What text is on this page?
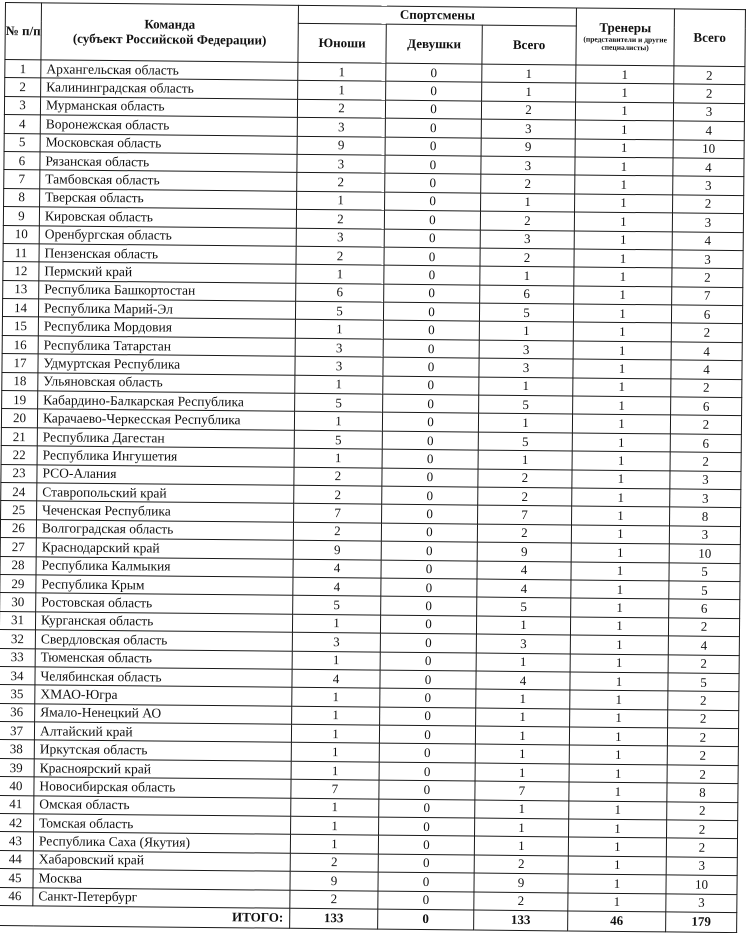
№ п/п	Команда
(субъект Российской Федерации)	Спортсмены			Тренеры
(представители и другие специалисты)	Всего
		Юноши	Девушки	Всего		
1	Архангельская область	1	0	1	1	2
2	Калининградская область	1	0	1	1	2
3	Мурманская область	2	0	2	1	3
4	Воронежская область	3	0	3	1	4
5	Московская область	9	0	9	1	10
6	Рязанская область	3	0	3	1	4
7	Тамбовская область	2	0	2	1	3
8	Тверская область	1	0	1	1	2
9	Кировская область	2	0	2	1	3
10	Оренбургская область	3	0	3	1	4
11	Пензенская область	2	0	2	1	3
12	Пермский край	1	0	1	1	2
13	Республика Башкортостан	6	0	6	1	7
14	Республика Марий-Эл	5	0	5	1	6
15	Республика Мордовия	1	0	1	1	2
16	Республика Татарстан	3	0	3	1	4
17	Удмуртская Республика	3	0	3	1	4
18	Ульяновская область	1	0	1	1	2
19	Кабардино-Балкарская Республика	5	0	5	1	6
20	Карачаево-Черкесская Республика	1	0	1	1	2
21	Республика Дагестан	5	0	5	1	6
22	Республика Ингушетия	1	0	1	1	2
23	РСО-Алания	2	0	2	1	3
24	Ставропольский край	2	0	2	1	3
25	Чеченская Республика	7	0	7	1	8
26	Волгоградская область	2	0	2	1	3
27	Краснодарский край	9	0	9	1	10
28	Республика Калмыкия	4	0	4	1	5
29	Республика Крым	4	0	4	1	5
30	Ростовская область	5	0	5	1	6
31	Курганская область	1	0	1	1	2
32	Свердловская область	3	0	3	1	4
33	Тюменская область	1	0	1	1	2
34	Челябинская область	4	0	4	1	5
35	ХМАО-Югра	1	0	1	1	2
36	Ямало-Ненецкий АО	1	0	1	1	2
37	Алтайский край	1	0	1	1	2
38	Иркутская область	1	0	1	1	2
39	Красноярский край	1	0	1	1	2
40	Новосибирская область	7	0	7	1	8
41	Омская область	1	0	1	1	2
42	Томская область	1	0	1	1	2
43	Республика Саха (Якутия)	1	0	1	1	2
44	Хабаровский край	2	0	2	1	3
45	Москва	9	0	9	1	10
46	Санкт-Петербург	2	0	2	1	3
ИТОГО:		133	0	133	46	179
